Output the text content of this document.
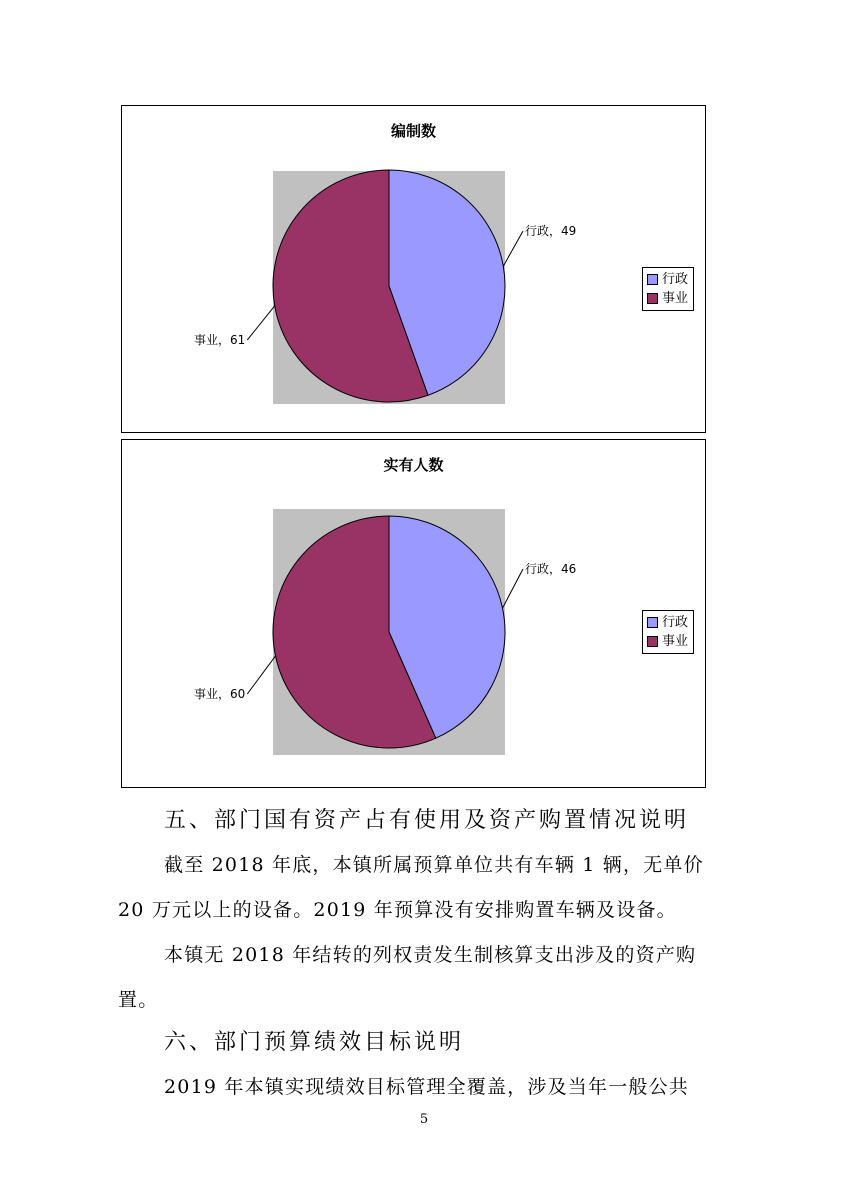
编制数
行政，49
事业，61
行政
事业
实有人数
行政，46
事业，60
行政
事业
五、部门国有资产占有使用及资产购置情况说明
截至 2018 年底，本镇所属预算单位共有车辆 1 辆，无单价
20 万元以上的设备。2019 年预算没有安排购置车辆及设备。
本镇无 2018 年结转的列权责发生制核算支出涉及的资产购
置。
六、部门预算绩效目标说明
2019 年本镇实现绩效目标管理全覆盖，涉及当年一般公共
5
